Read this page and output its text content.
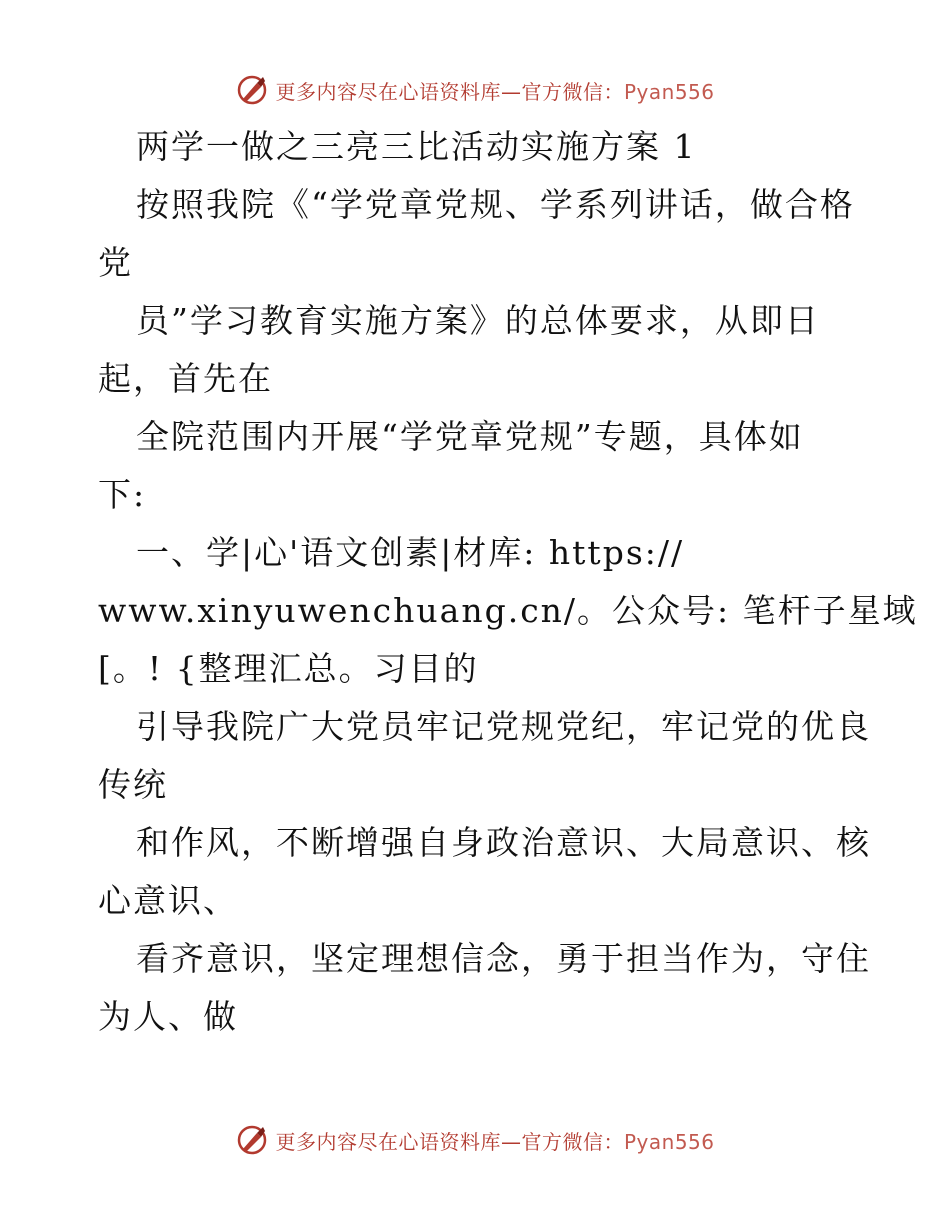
更多内容尽在心语资料库—官方微信：Pyan556
两学一做之三亮三比活动实施方案 1
按照我院《“学党章党规、学系列讲话，做合格
党
员”学习教育实施方案》的总体要求，从即日
起，首先在
全院范围内开展“学党章党规”专题，具体如
下:
一、学|心'语文创素|材库: https://
www.xinyuwenchuang.cn/。公众号: 笔杆子星域
[。! {整理汇总。习目的
引导我院广大党员牢记党规党纪，牢记党的优良
传统
和作风，不断增强自身政治意识、大局意识、核
心意识、
看齐意识，坚定理想信念，勇于担当作为，守住
为人、做
更多内容尽在心语资料库—官方微信：Pyan556
